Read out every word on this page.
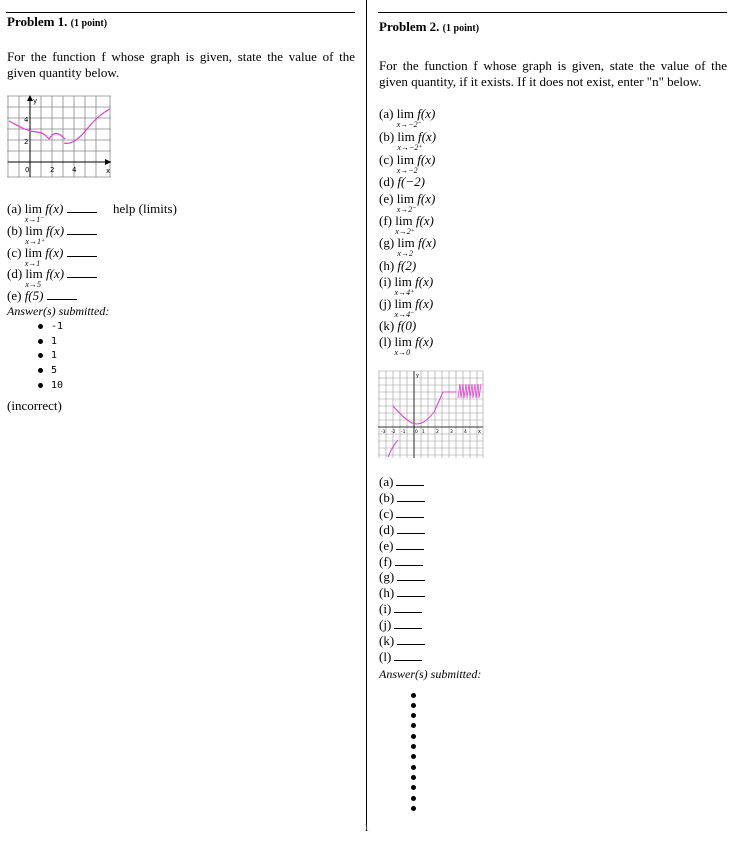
1
Problem 1. (1 point)
For the function f whose graph is given, state the value of the given quantity below.
y
x
4
2
0	2	4
(a) lim
x→1⁻
f(x)	help (limits)
(b) lim
x→1⁺
f(x)
(c) lim
x→1
f(x)
(d) lim
x→5
f(x)
(e) f(5)
Answer(s) submitted:
-1
1
1
5
10
(incorrect)
Problem 2. (1 point)
For the function f whose graph is given, state the value of the given quantity, if it exists. If it does not exist, enter "n" below.
(a) lim
x→−2⁻
f(x)
(b) lim
x→−2⁺
f(x)
(c) lim
x→−2
f(x)
(d) f(−2)
(e) lim
x→2⁻
f(x)
(f) lim
x→2⁺
f(x)
(g) lim
x→2
f(x)
(h) f(2)
(i) lim
x→4⁺
f(x)
(j) lim
x→4⁻
f(x)
(k) f(0)
(l) lim
x→0
f(x)
y
x
-3 -2 -1 0 1 2 3 4
(a)
(b)
(c)
(d)
(e)
(f)
(g)
(h)
(i)
(j)
(k)
(l)
Answer(s) submitted:
